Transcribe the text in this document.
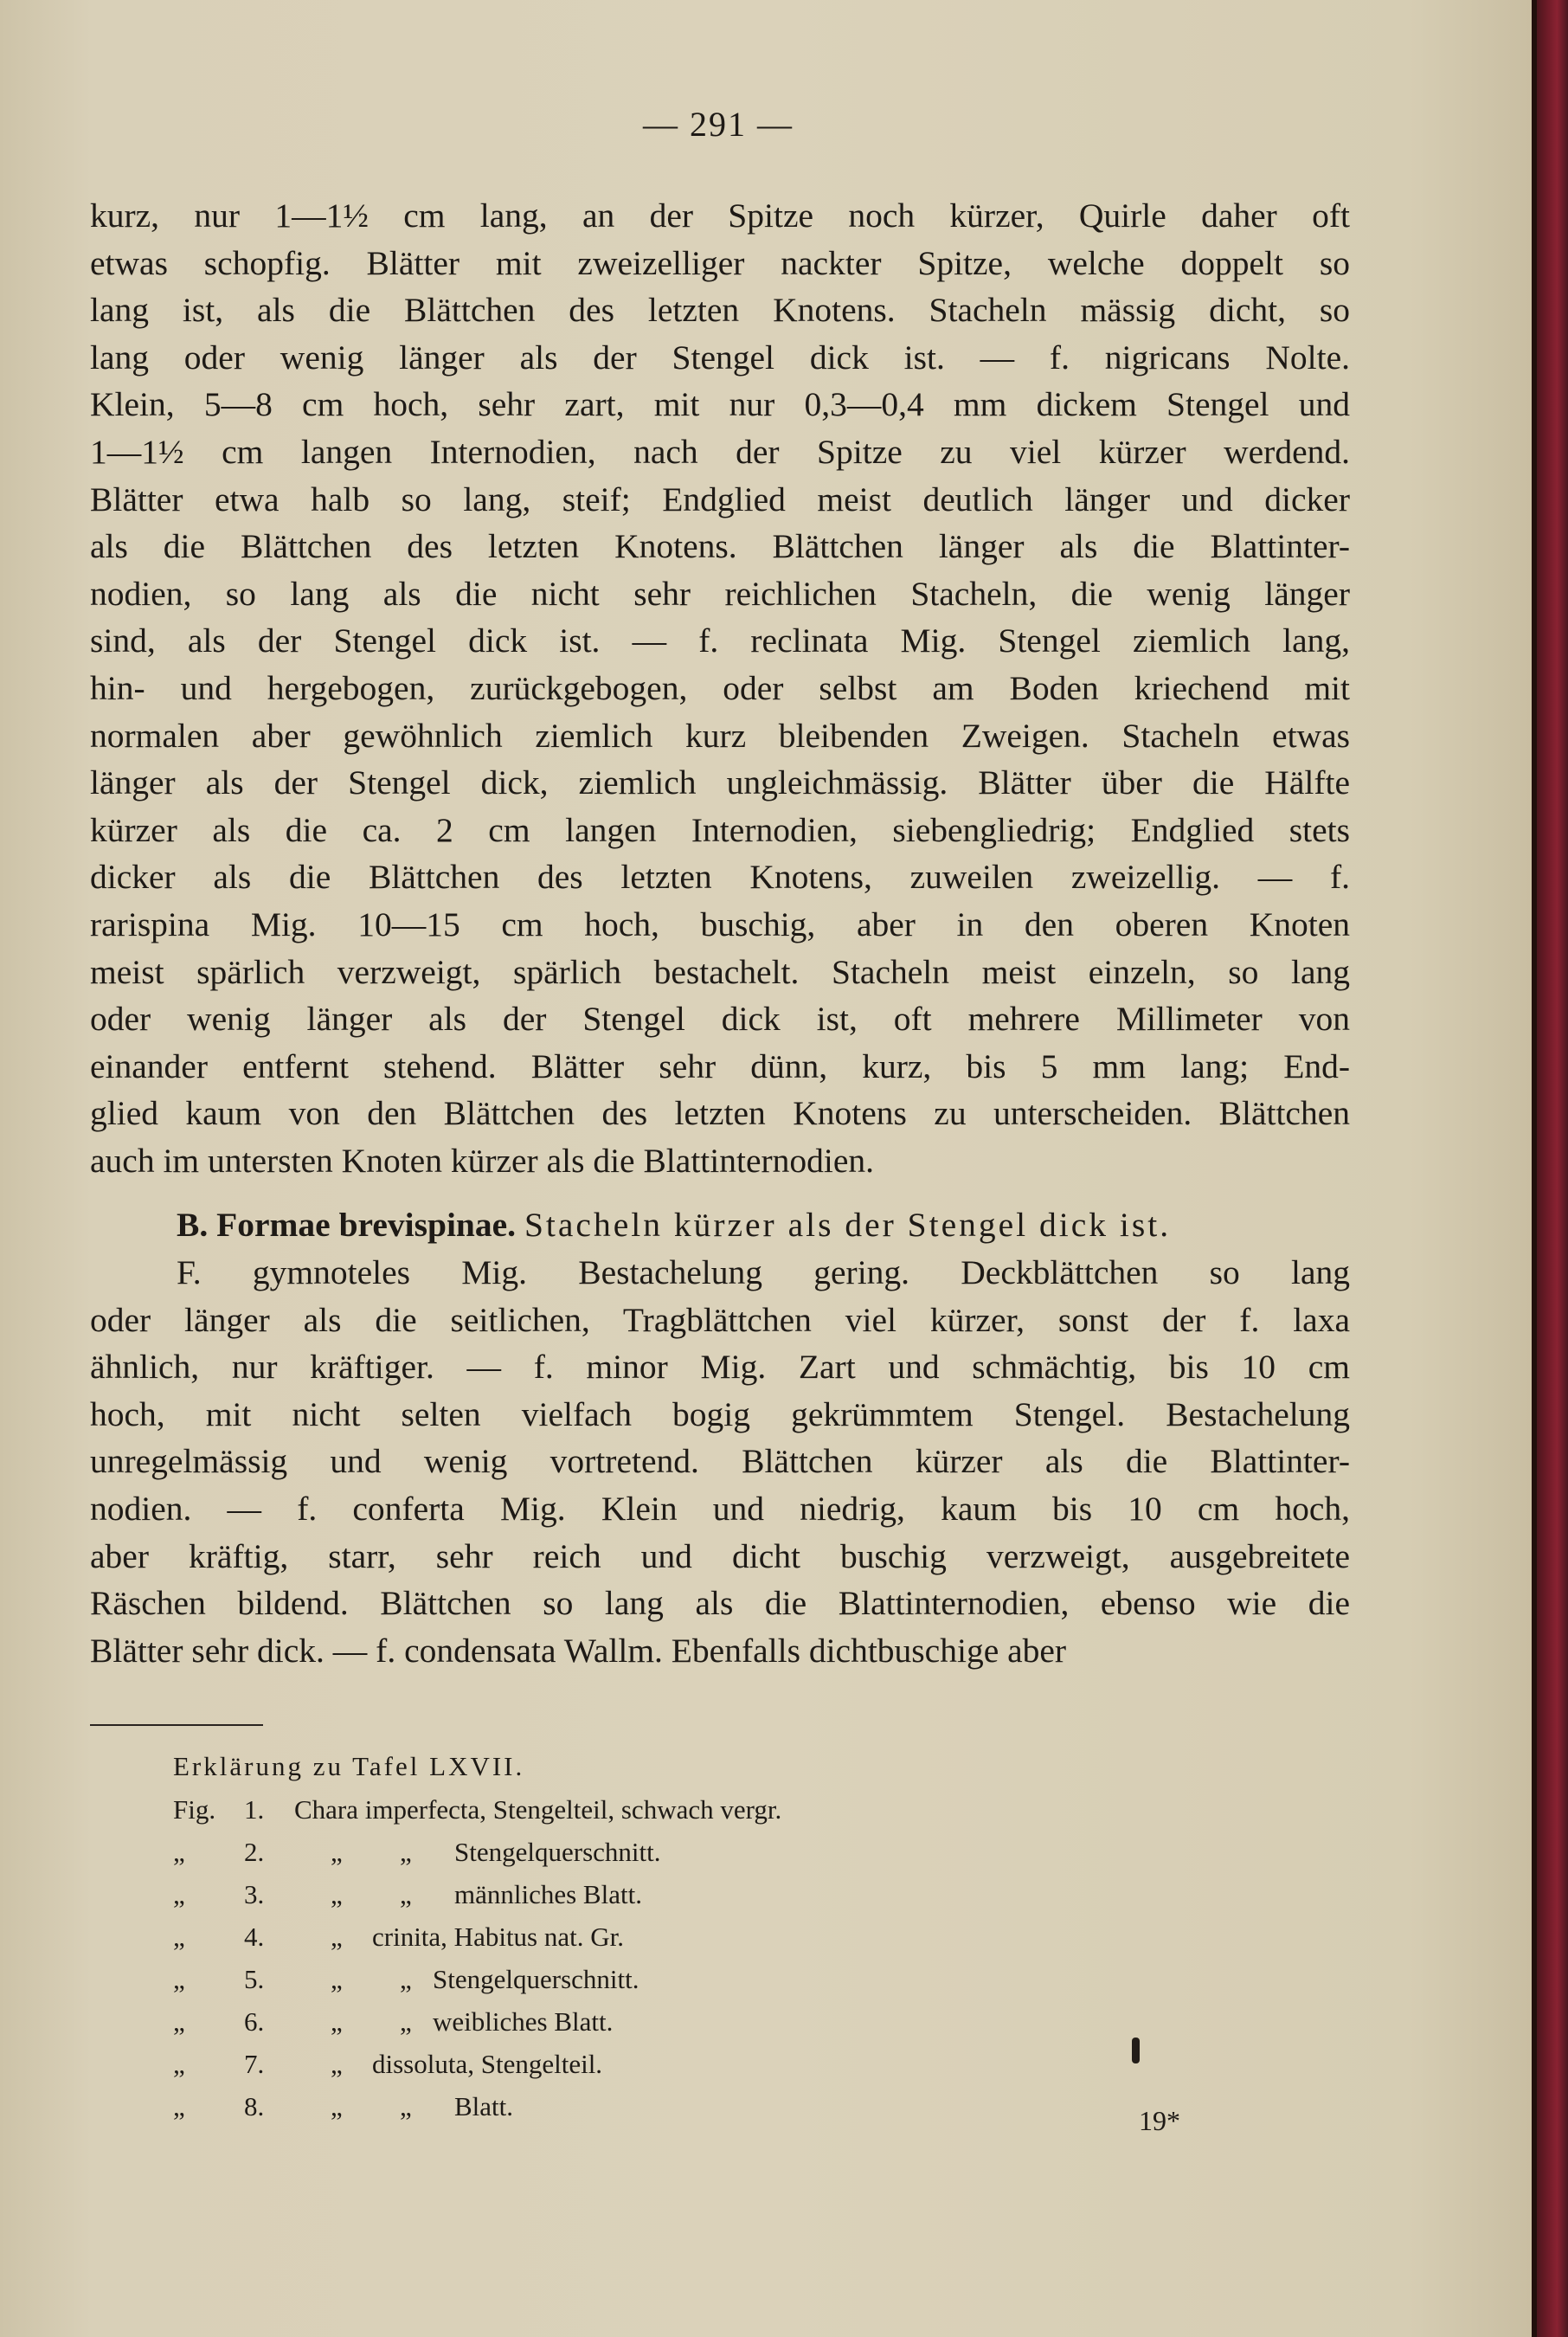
— 291 —
kurz, nur 1—1½ cm lang, an der Spitze noch kürzer, Quirle daher oft
etwas schopfig. Blätter mit zweizelliger nackter Spitze, welche doppelt so
lang ist, als die Blättchen des letzten Knotens. Stacheln mässig dicht, so
lang oder wenig länger als der Stengel dick ist. — f. nigricans Nolte.
Klein, 5—8 cm hoch, sehr zart, mit nur 0,3—0,4 mm dickem Stengel und
1—1½ cm langen Internodien, nach der Spitze zu viel kürzer werdend.
Blätter etwa halb so lang, steif; Endglied meist deutlich länger und dicker
als die Blättchen des letzten Knotens. Blättchen länger als die Blattinter-
nodien, so lang als die nicht sehr reichlichen Stacheln, die wenig länger
sind, als der Stengel dick ist. — f. reclinata Mig. Stengel ziemlich lang,
hin- und hergebogen, zurückgebogen, oder selbst am Boden kriechend mit
normalen aber gewöhnlich ziemlich kurz bleibenden Zweigen. Stacheln etwas
länger als der Stengel dick, ziemlich ungleichmässig. Blätter über die Hälfte
kürzer als die ca. 2 cm langen Internodien, siebengliedrig; Endglied stets
dicker als die Blättchen des letzten Knotens, zuweilen zweizellig. — f.
rarispina Mig. 10—15 cm hoch, buschig, aber in den oberen Knoten
meist spärlich verzweigt, spärlich bestachelt. Stacheln meist einzeln, so lang
oder wenig länger als der Stengel dick ist, oft mehrere Millimeter von
einander entfernt stehend. Blätter sehr dünn, kurz, bis 5 mm lang; End-
glied kaum von den Blättchen des letzten Knotens zu unterscheiden. Blättchen
auch im untersten Knoten kürzer als die Blattinternodien.
B. Formae brevispinae. Stacheln kürzer als der Stengel dick ist.
F. gymnoteles Mig. Bestachelung gering. Deckblättchen so lang
oder länger als die seitlichen, Tragblättchen viel kürzer, sonst der f. laxa
ähnlich, nur kräftiger. — f. minor Mig. Zart und schmächtig, bis 10 cm
hoch, mit nicht selten vielfach bogig gekrümmtem Stengel. Bestachelung
unregelmässig und wenig vortretend. Blättchen kürzer als die Blattinter-
nodien. — f. conferta Mig. Klein und niedrig, kaum bis 10 cm hoch,
aber kräftig, starr, sehr reich und dicht buschig verzweigt, ausgebreitete
Räschen bildend. Blättchen so lang als die Blattinternodien, ebenso wie die
Blätter sehr dick. — f. condensata Wallm. Ebenfalls dichtbuschige aber
Erklärung zu Tafel LXVII.
Fig. 1. Chara imperfecta, Stengelteil, schwach vergr.
„ 2. „ „ Stengelquerschnitt.
„ 3. „ „ männliches Blatt.
„ 4. „ crinita, Habitus nat. Gr.
„ 5. „ „ Stengelquerschnitt.
„ 6. „ „ weibliches Blatt.
„ 7. „ dissoluta, Stengelteil.
„ 8. „ „ Blatt.	19*
